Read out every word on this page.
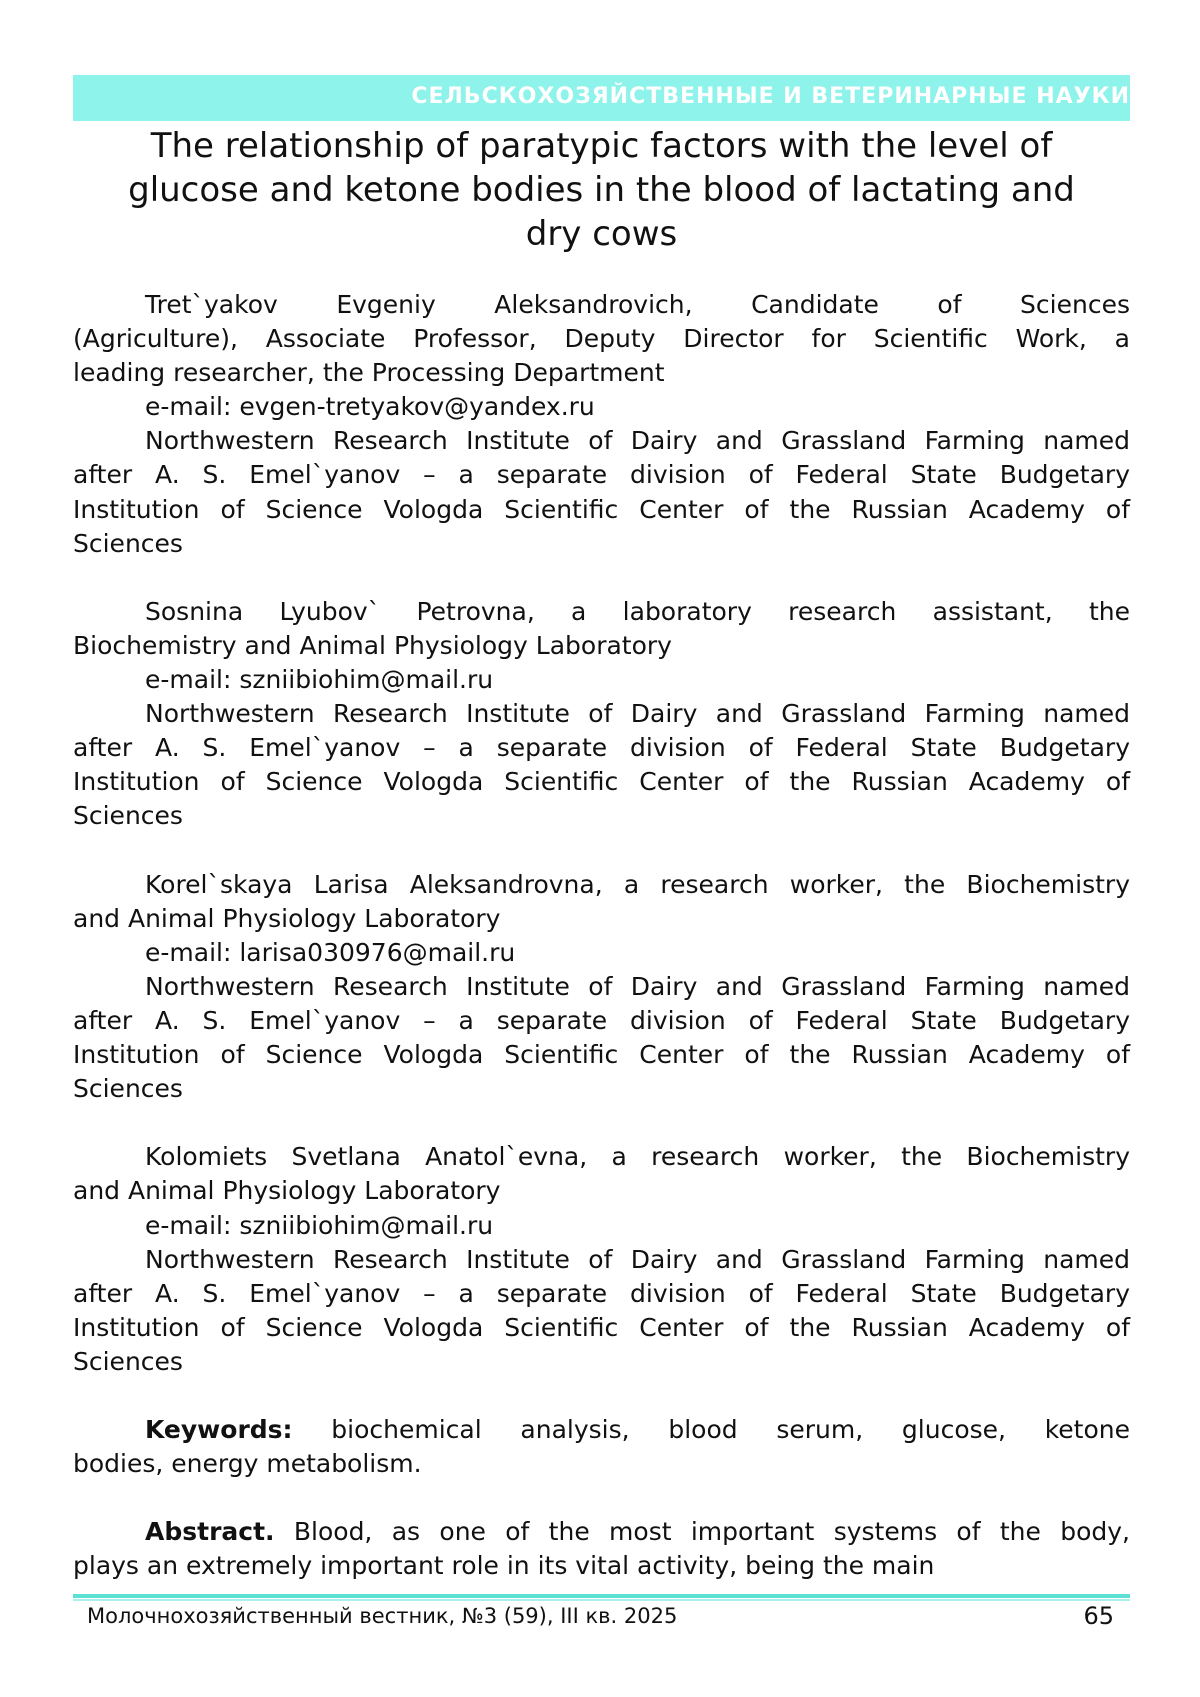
СЕЛЬСКОХОЗЯЙСТВЕННЫЕ И ВЕТЕРИНАРНЫЕ НАУКИ
The relationship of paratypic factors with the level of
glucose and ketone bodies in the blood of lactating and
dry cows
Tret`yakov Evgeniy Aleksandrovich, Candidate of Sciences
(Agriculture), Associate Professor, Deputy Director for Scientific Work, a
leading researcher, the Processing Department
e-mail: evgen-tretyakov@yandex.ru
Northwestern Research Institute of Dairy and Grassland Farming named
after A. S. Emel`yanov – a separate division of Federal State Budgetary
Institution of Science Vologda Scientific Center of the Russian Academy of
Sciences
Sosnina Lyubov` Petrovna, a laboratory research assistant, the
Biochemistry and Animal Physiology Laboratory
e-mail: szniibiohim@mail.ru
Northwestern Research Institute of Dairy and Grassland Farming named
after A. S. Emel`yanov – a separate division of Federal State Budgetary
Institution of Science Vologda Scientific Center of the Russian Academy of
Sciences
Korel`skaya Larisa Aleksandrovna, a research worker, the Biochemistry
and Animal Physiology Laboratory
e-mail: larisa030976@mail.ru
Northwestern Research Institute of Dairy and Grassland Farming named
after A. S. Emel`yanov – a separate division of Federal State Budgetary
Institution of Science Vologda Scientific Center of the Russian Academy of
Sciences
Kolomiets Svetlana Anatol`evna, a research worker, the Biochemistry
and Animal Physiology Laboratory
e-mail: szniibiohim@mail.ru
Northwestern Research Institute of Dairy and Grassland Farming named
after A. S. Emel`yanov – a separate division of Federal State Budgetary
Institution of Science Vologda Scientific Center of the Russian Academy of
Sciences
Keywords: biochemical analysis, blood serum, glucose, ketone
bodies, energy metabolism.
Abstract. Blood, as one of the most important systems of the body,
plays an extremely important role in its vital activity, being the main
Молочнохозяйственный вестник, №3 (59), III кв. 2025	65
